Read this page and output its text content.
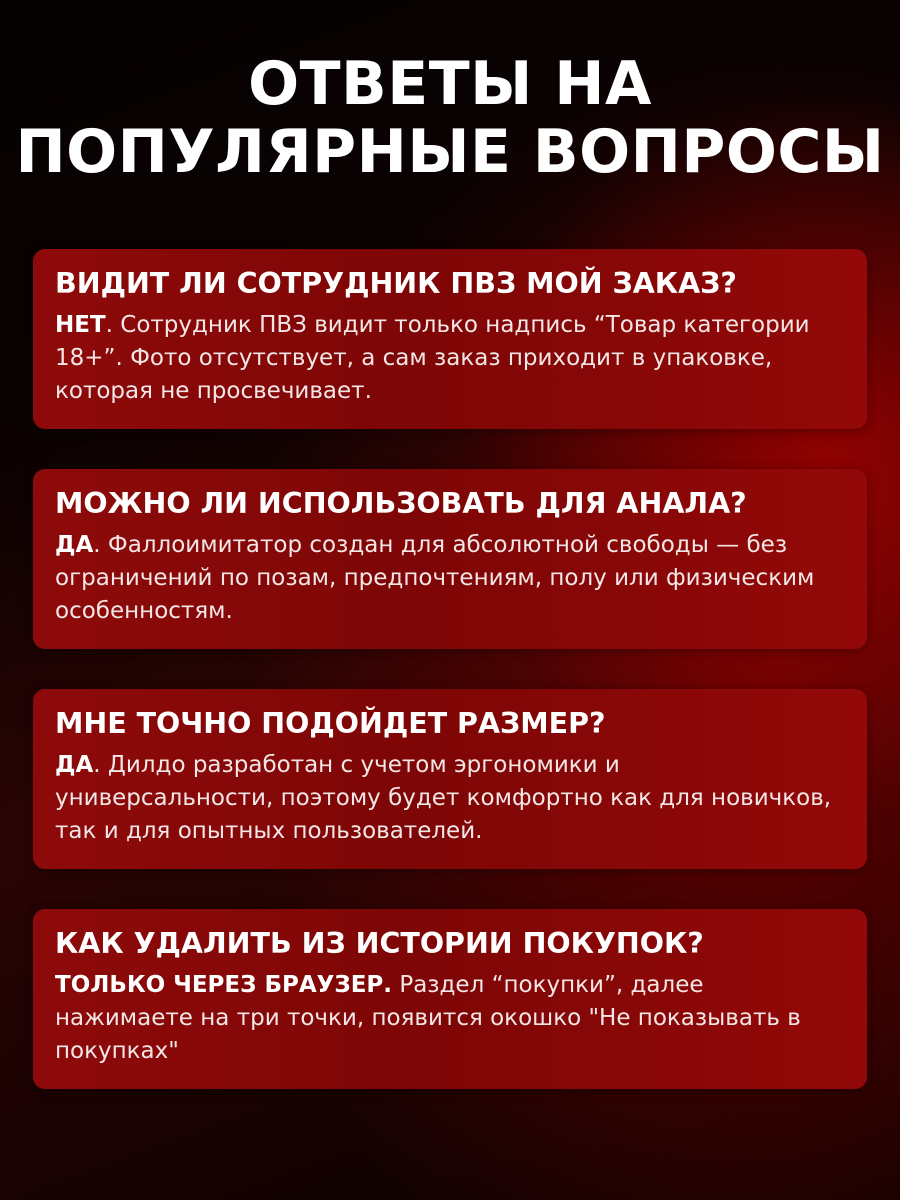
ОТВЕТЫ НА
ПОПУЛЯРНЫЕ ВОПРОСЫ
ВИДИТ ЛИ СОТРУДНИК ПВЗ МОЙ ЗАКАЗ?

НЕТ. Сотрудник ПВЗ видит только надпись “Товар категории 18+”. Фото отсутствует, а сам заказ приходит в упаковке, которая не просвечивает.

МОЖНО ЛИ ИСПОЛЬЗОВАТЬ ДЛЯ АНАЛА?

ДА. Фаллоимитатор создан для абсолютной свободы — без ограничений по позам, предпочтениям, полу или физическим особенностям.

МНЕ ТОЧНО ПОДОЙДЕТ РАЗМЕР?

ДА. Дилдо разработан с учетом эргономики и универсальности, поэтому будет комфортно как для новичков, так и для опытных пользователей.

КАК УДАЛИТЬ ИЗ ИСТОРИИ ПОКУПОК?

ТОЛЬКО ЧЕРЕЗ БРАУЗЕР. Раздел “покупки”, далее нажимаете на три точки, появится окошко "Не показывать в покупках"
